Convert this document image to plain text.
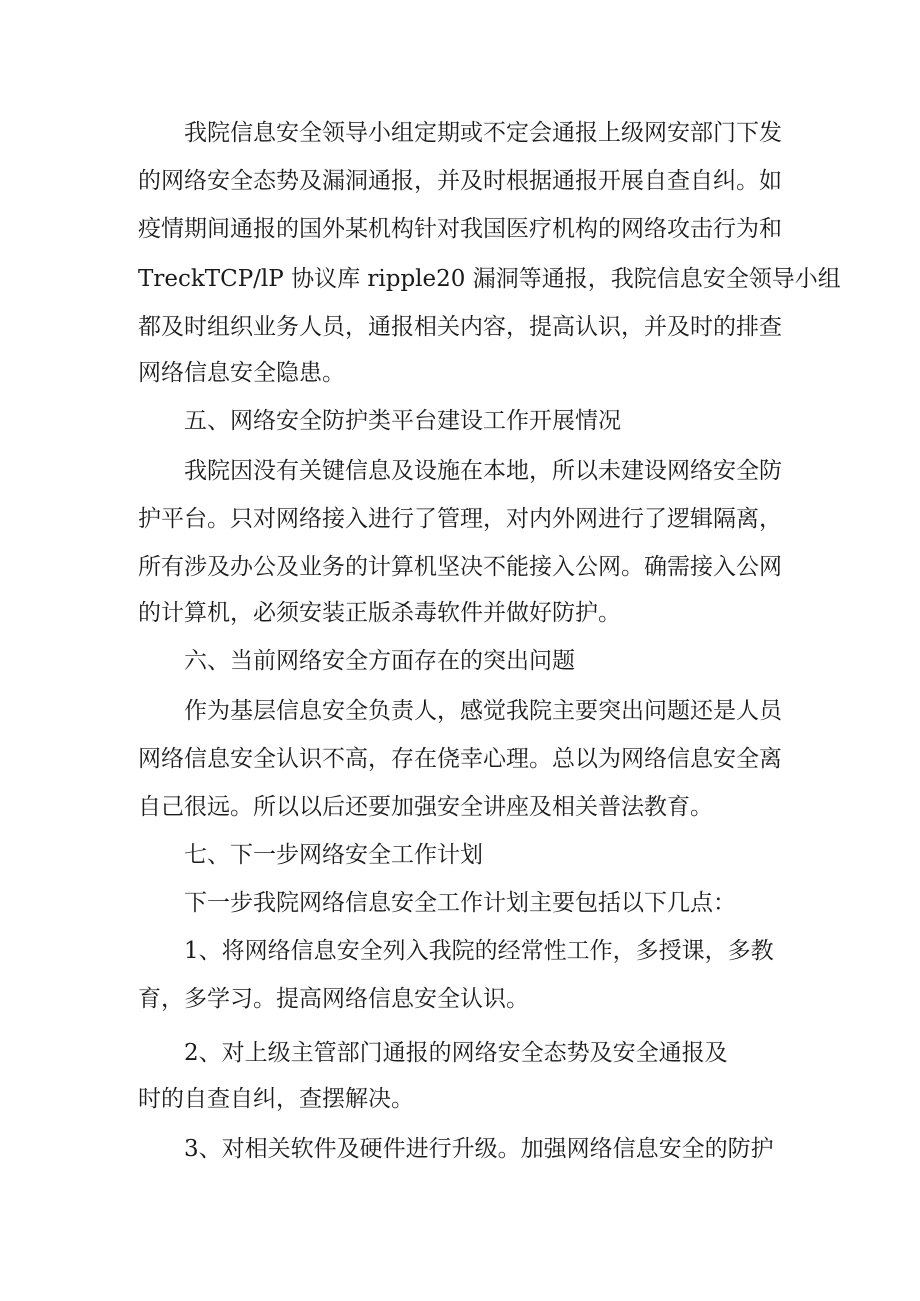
我院信息安全领导小组定期或不定会通报上级网安部门下发
的网络安全态势及漏洞通报，并及时根据通报开展自查自纠。如
疫情期间通报的国外某机构针对我国医疗机构的网络攻击行为和
TreckTCP/lP 协议库 ripple20 漏洞等通报，我院信息安全领导小组
都及时组织业务人员，通报相关内容，提高认识，并及时的排查
网络信息安全隐患。
五、网络安全防护类平台建设工作开展情况
我院因没有关键信息及设施在本地，所以未建设网络安全防
护平台。只对网络接入进行了管理，对内外网进行了逻辑隔离，
所有涉及办公及业务的计算机坚决不能接入公网。确需接入公网
的计算机，必须安装正版杀毒软件并做好防护。
六、当前网络安全方面存在的突出问题
作为基层信息安全负责人，感觉我院主要突出问题还是人员
网络信息安全认识不高，存在侥幸心理。总以为网络信息安全离
自己很远。所以以后还要加强安全讲座及相关普法教育。
七、下一步网络安全工作计划
下一步我院网络信息安全工作计划主要包括以下几点：
1、将网络信息安全列入我院的经常性工作，多授课，多教
育，多学习。提高网络信息安全认识。
2、对上级主管部门通报的网络安全态势及安全通报及
时的自查自纠，查摆解决。
3、对相关软件及硬件进行升级。加强网络信息安全的防护
